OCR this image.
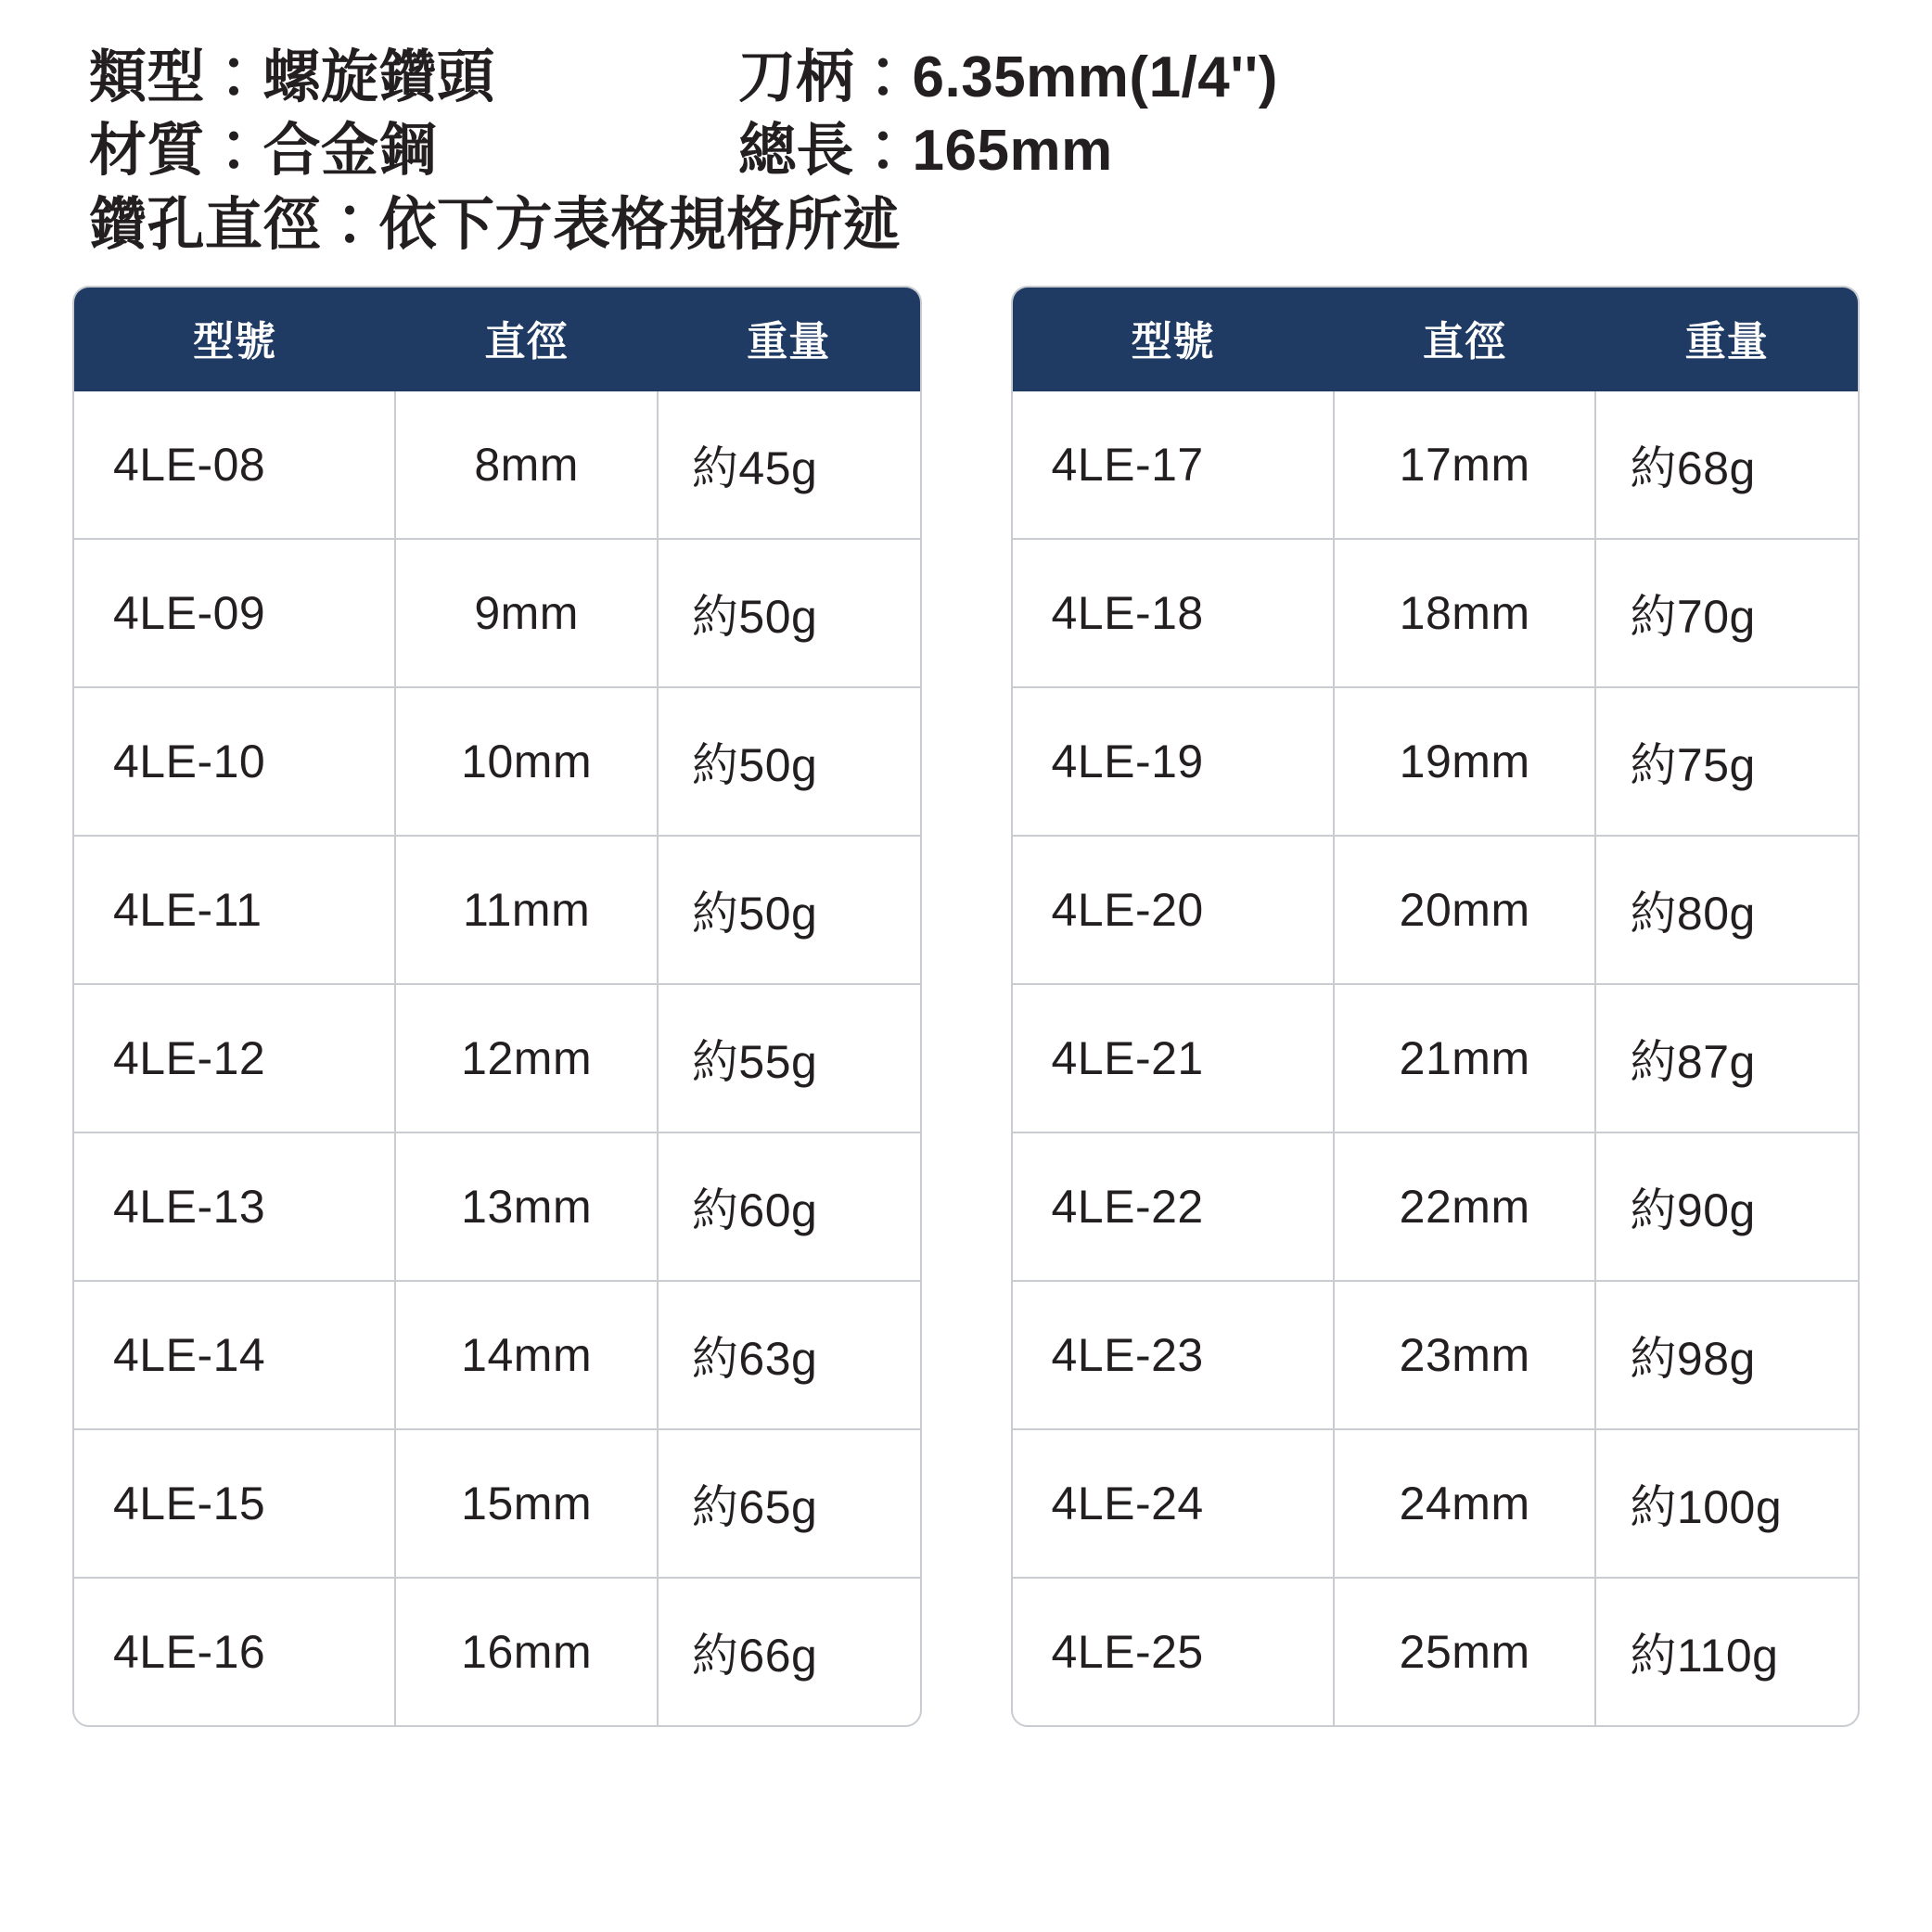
類型：螺旋鑽頭	刀柄：6.35mm(1/4'')
材質：合金鋼	總長：165mm
鑽孔直徑：依下方表格規格所述
型號	直徑	重量
4LE-08	8mm	約45g
4LE-09	9mm	約50g
4LE-10	10mm	約50g
4LE-11	11mm	約50g
4LE-12	12mm	約55g
4LE-13	13mm	約60g
4LE-14	14mm	約63g
4LE-15	15mm	約65g
4LE-16	16mm	約66g
型號	直徑	重量
4LE-17	17mm	約68g
4LE-18	18mm	約70g
4LE-19	19mm	約75g
4LE-20	20mm	約80g
4LE-21	21mm	約87g
4LE-22	22mm	約90g
4LE-23	23mm	約98g
4LE-24	24mm	約100g
4LE-25	25mm	約110g
